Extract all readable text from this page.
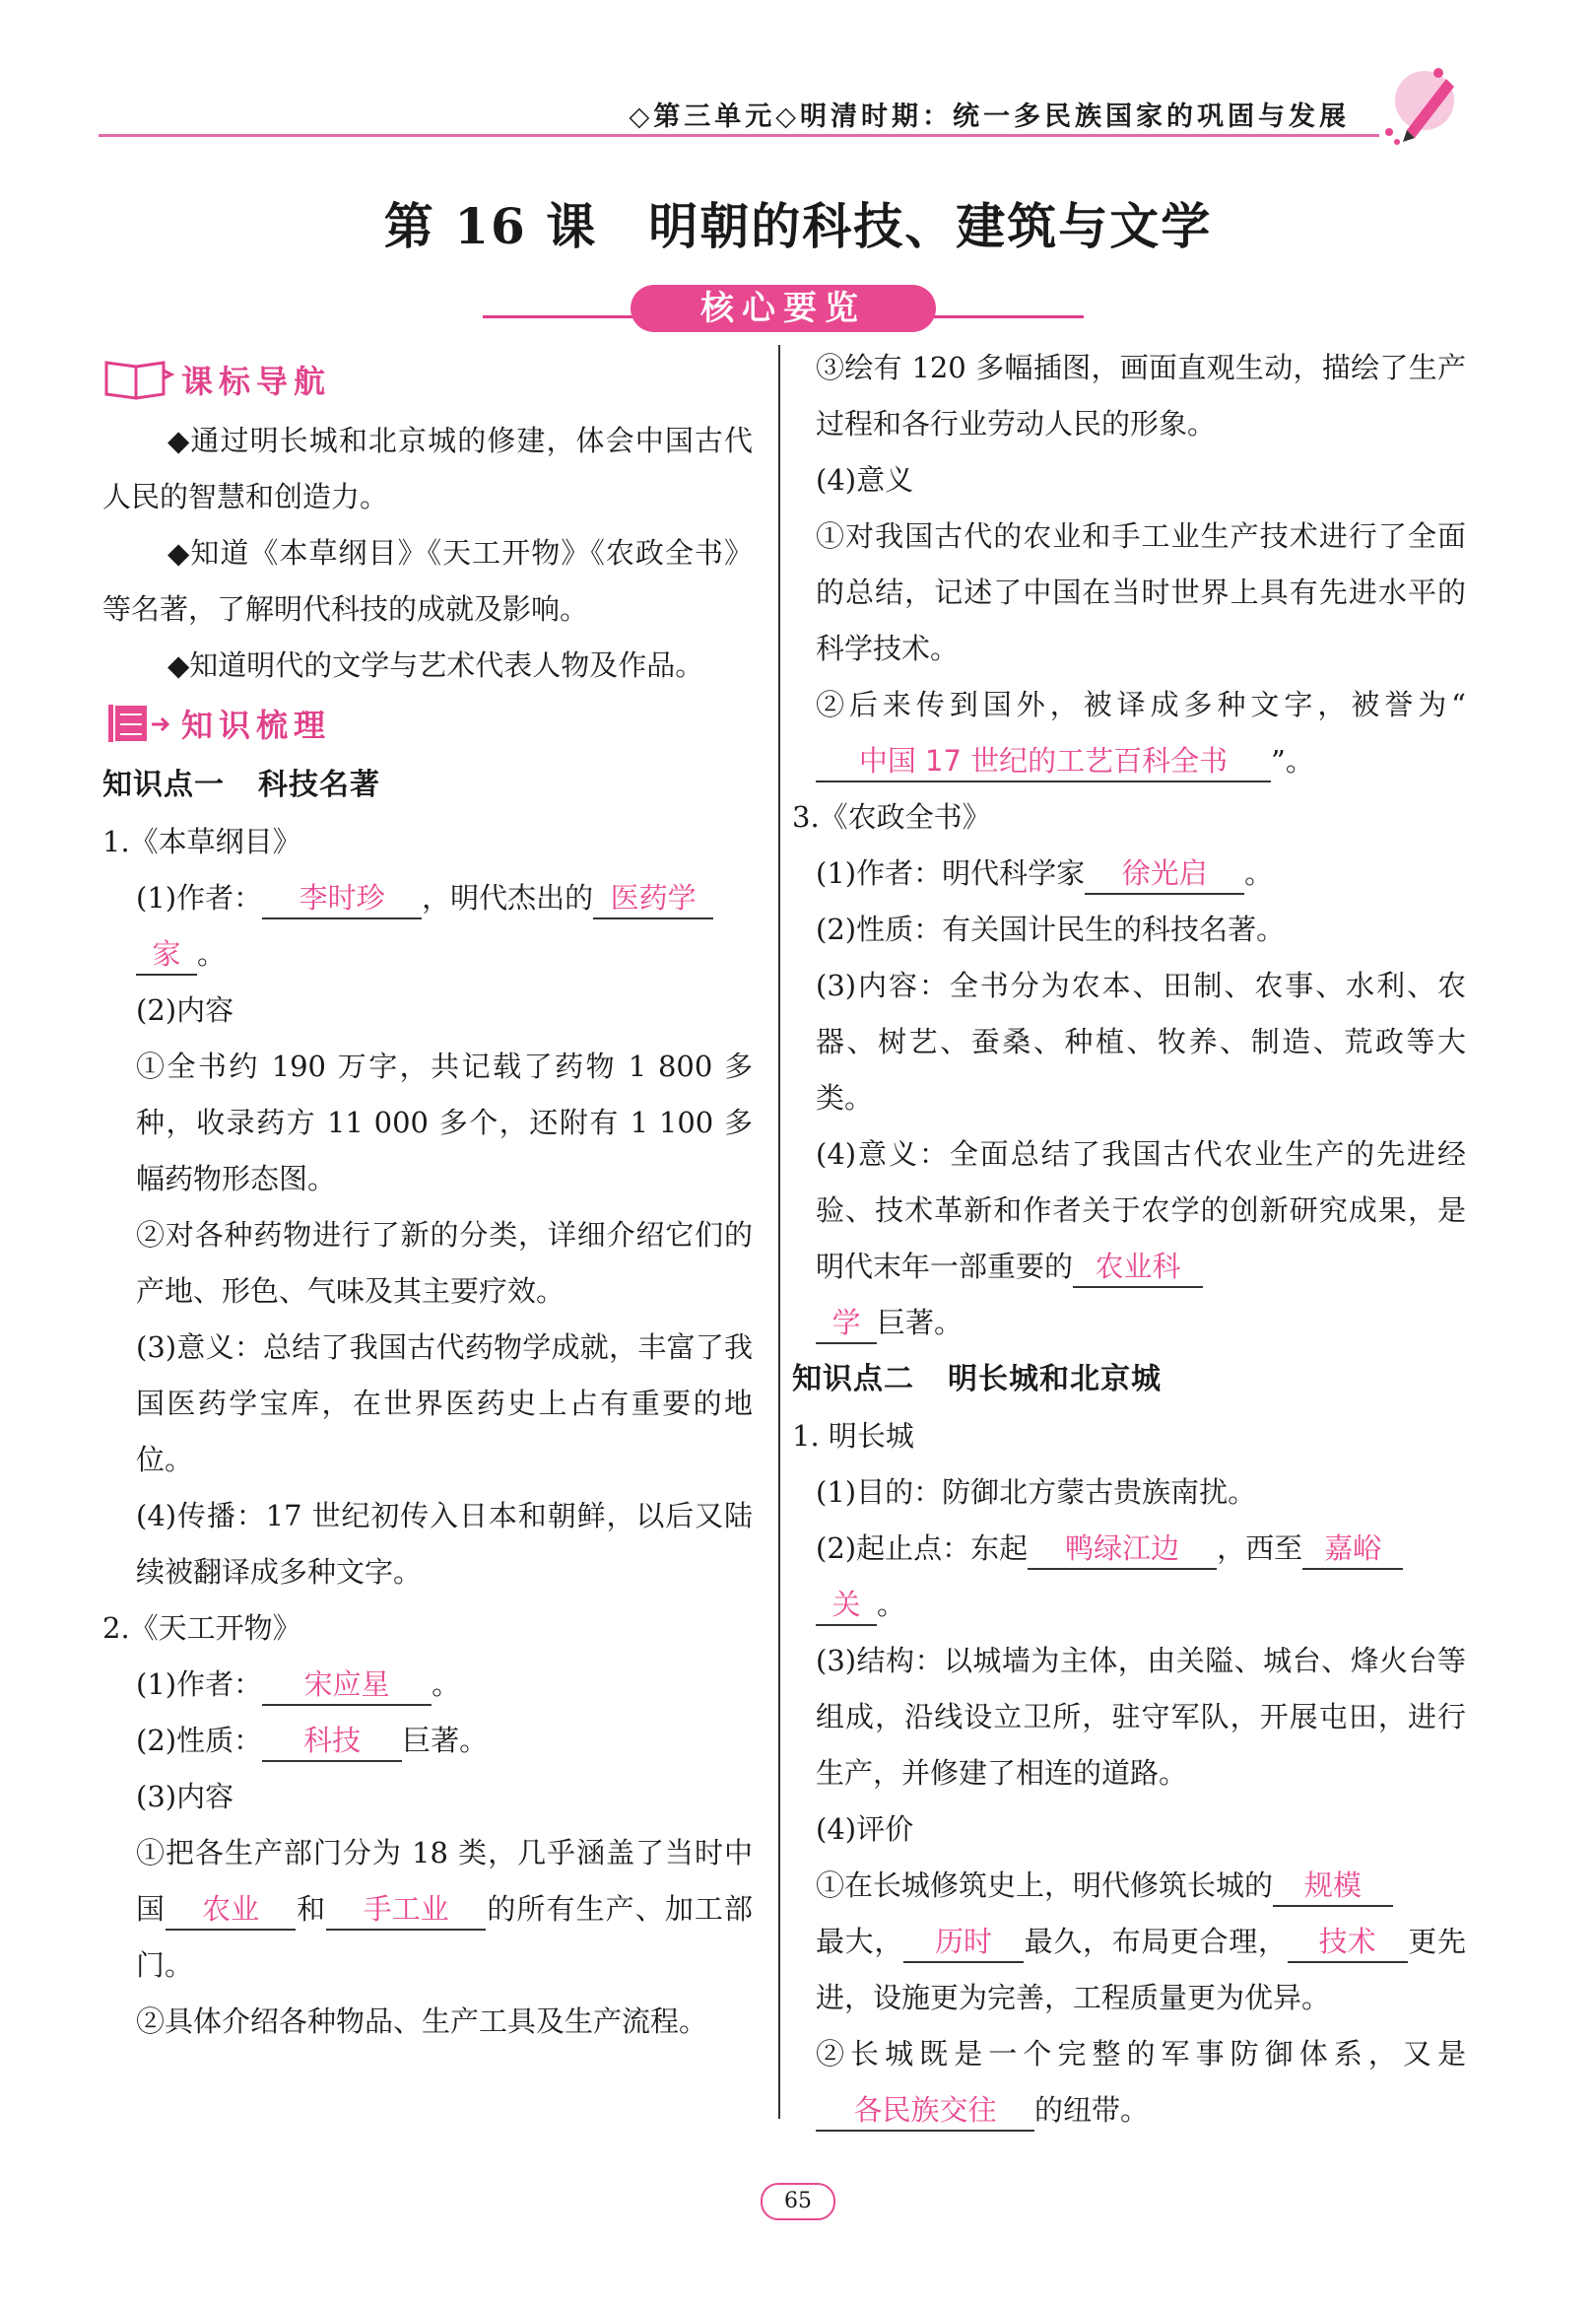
◇第三单元◇明清时期：统一多民族国家的巩固与发展
第 16 课　明朝的科技、建筑与文学
核心要览
课标导航

◆通过明长城和北京城的修建，体会中国古代人民的智慧和创造力。

◆知道《本草纲目》《天工开物》《农政全书》等名著，了解明代科技的成就及影响。

◆知道明代的文学与艺术代表人物及作品。

知识梳理
知识点一 科技名著

1.《本草纲目》

(1)作者： 李时珍 ，明代杰出的 医药学
家 。

(2)内容

①全书约 190 万字，共记载了药物 1 800 多种，收录药方 11 000 多个，还附有 1 100 多幅药物形态图。

②对各种药物进行了新的分类，详细介绍它们的产地、形色、气味及其主要疗效。

(3)意义：总结了我国古代药物学成就，丰富了我国医药学宝库，在世界医药史上占有重要的地位。

(4)传播：17 世纪初传入日本和朝鲜，以后又陆续被翻译成多种文字。

2.《天工开物》

(1)作者： 宋应星 。

(2)性质： 科技 巨著。

(3)内容

①把各生产部门分为 18 类，几乎涵盖了当时中国 农业 和 手工业 的所有生产、加工部门。

②具体介绍各种物品、生产工具及生产流程。

③绘有 120 多幅插图，画面直观生动，描绘了生产过程和各行业劳动人民的形象。

(4)意义

①对我国古代的农业和手工业生产技术进行了全面的总结，记述了中国在当时世界上具有先进水平的科学技术。

②后来传到国外，被译成多种文字，被誉为“中国 17 世纪的工艺百科全书 ”。

3.《农政全书》

(1)作者：明代科学家 徐光启 。

(2)性质：有关国计民生的科技名著。

(3)内容：全书分为农本、田制、农事、水利、农器、树艺、蚕桑、种植、牧养、制造、荒政等大类。

(4)意义：全面总结了我国古代农业生产的先进经验、技术革新和作者关于农学的创新研究成果，是明代末年一部重要的 农业科
学 巨著。

知识点二 明长城和北京城

1. 明长城

(1)目的：防御北方蒙古贵族南扰。

(2)起止点：东起 鸭绿江边 ，西至 嘉峪
关 。

(3)结构：以城墙为主体，由关隘、城台、烽火台等组成，沿线设立卫所，驻守军队，开展屯田，进行生产，并修建了相连的道路。

(4)评价

①在长城修筑史上，明代修筑长城的 规模
最大， 历时 最久，布局更合理， 技术 更先进，设施更为完善，工程质量更为优异。

②长城既是一个完整的军事防御体系，又是各民族交往 的纽带。

65
